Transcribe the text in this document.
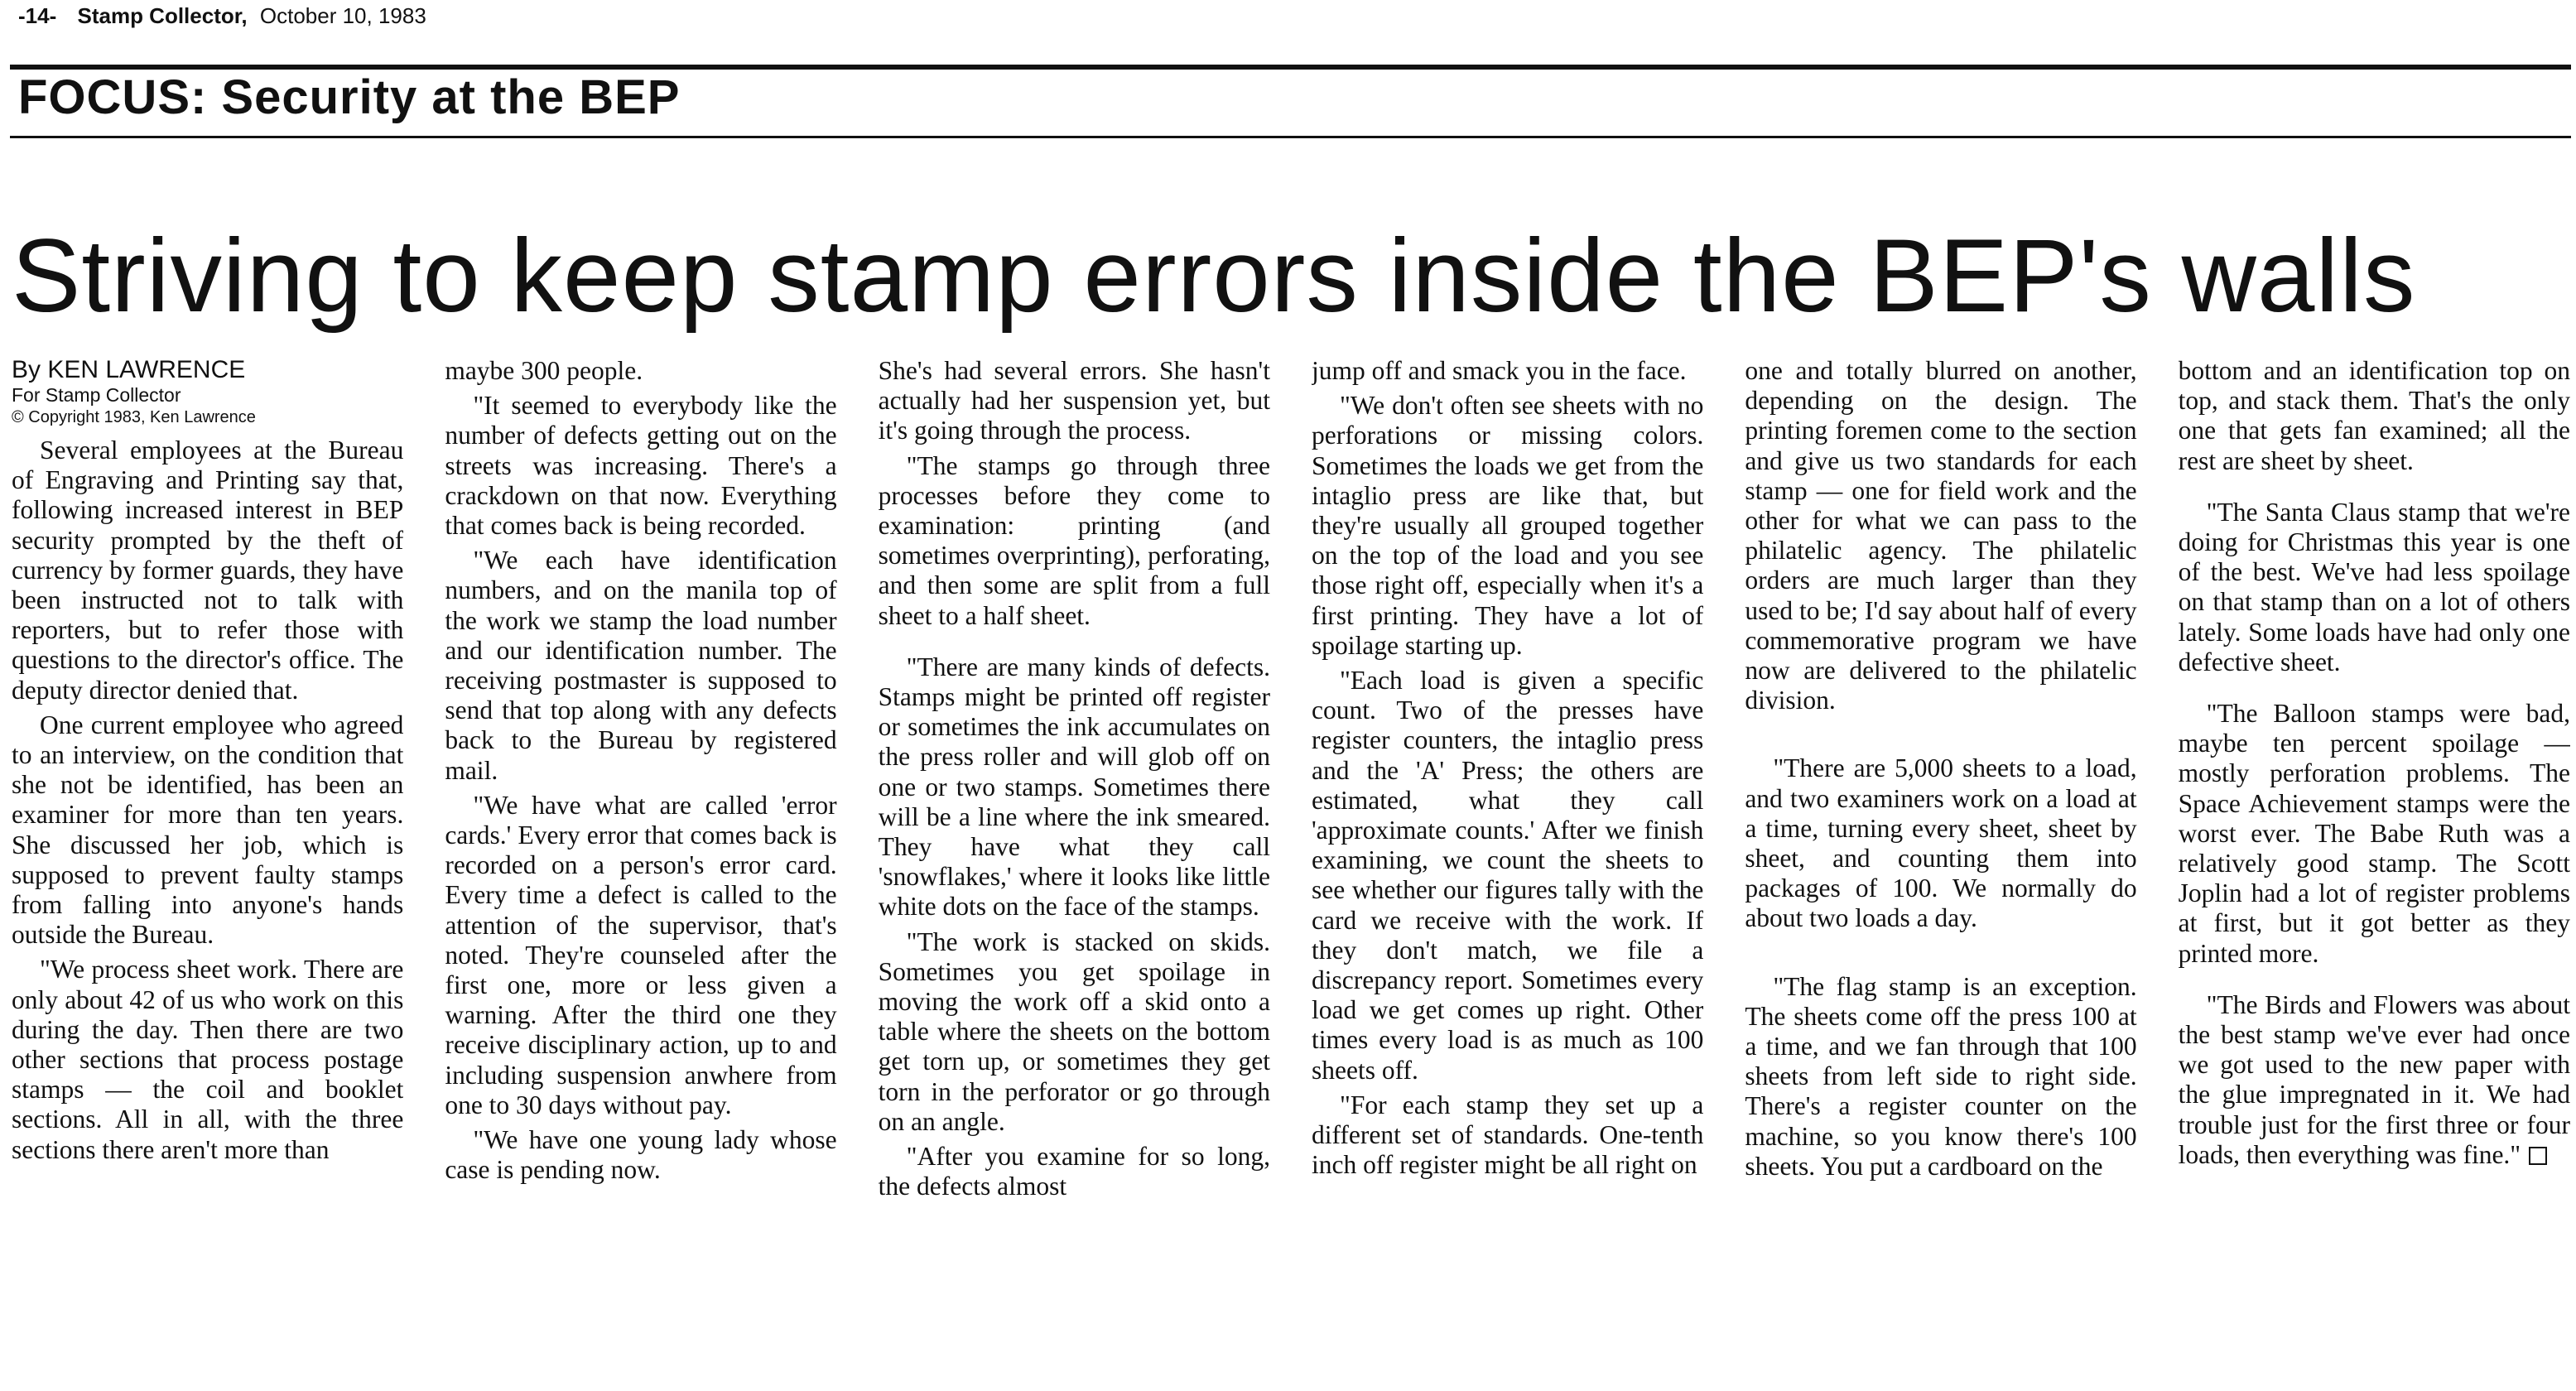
-14- Stamp Collector, October 10, 1983
FOCUS: Security at the BEP
Striving to keep stamp errors inside the BEP's walls
By KEN LAWRENCE
For Stamp Collector
© Copyright 1983, Ken Lawrence

Several employees at the Bureau of Engraving and Printing say that, following increased interest in BEP security prompted by the theft of currency by former guards, they have been instructed not to talk with reporters, but to refer those with questions to the director's office. The deputy director denied that.

One current employee who agreed to an interview, on the condition that she not be identified, has been an examiner for more than ten years. She discussed her job, which is supposed to prevent faulty stamps from falling into anyone's hands outside the Bureau.

"We process sheet work. There are only about 42 of us who work on this during the day. Then there are two other sections that process postage stamps — the coil and booklet sections. All in all, with the three sections there aren't more than

maybe 300 people.

"It seemed to everybody like the number of defects getting out on the streets was increasing. There's a crackdown on that now. Everything that comes back is being recorded.

"We each have identification numbers, and on the manila top of the work we stamp the load number and our identification number. The receiving postmaster is supposed to send that top along with any defects back to the Bureau by registered mail.

"We have what are called 'error cards.' Every error that comes back is recorded on a person's error card. Every time a defect is called to the attention of the supervisor, that's noted. They're counseled after the first one, more or less given a warning. After the third one they receive disciplinary action, up to and including suspension anwhere from one to 30 days without pay.

"We have one young lady whose case is pending now.

She's had several errors. She hasn't actually had her suspension yet, but it's going through the process.

"The stamps go through three processes before they come to examination: printing (and sometimes overprinting), perforating, and then some are split from a full sheet to a half sheet.

"There are many kinds of defects. Stamps might be printed off register or sometimes the ink accumulates on the press roller and will glob off on one or two stamps. Sometimes there will be a line where the ink smeared. They have what they call 'snowflakes,' where it looks like little white dots on the face of the stamps.

"The work is stacked on skids. Sometimes you get spoilage in moving the work off a skid onto a table where the sheets on the bottom get torn up, or sometimes they get torn in the perforator or go through on an angle.

"After you examine for so long, the defects almost

jump off and smack you in the face.

"We don't often see sheets with no perforations or missing colors. Sometimes the loads we get from the intaglio press are like that, but they're usually all grouped together on the top of the load and you see those right off, especially when it's a first printing. They have a lot of spoilage starting up.

"Each load is given a specific count. Two of the presses have register counters, the intaglio press and the 'A' Press; the others are estimated, what they call 'approximate counts.' After we finish examining, we count the sheets to see whether our figures tally with the card we receive with the work. If they don't match, we file a discrepancy report. Sometimes every load we get comes up right. Other times every load is as much as 100 sheets off.

"For each stamp they set up a different set of standards. One-tenth inch off register might be all right on

one and totally blurred on another, depending on the design. The printing foremen come to the section and give us two standards for each stamp — one for field work and the other for what we can pass to the philatelic agency. The philatelic orders are much larger than they used to be; I'd say about half of every commemorative program we have now are delivered to the philatelic division.

"There are 5,000 sheets to a load, and two examiners work on a load at a time, turning every sheet, sheet by sheet, and counting them into packages of 100. We normally do about two loads a day.

"The flag stamp is an exception. The sheets come off the press 100 at a time, and we fan through that 100 sheets from left side to right side. There's a register counter on the machine, so you know there's 100 sheets. You put a cardboard on the

bottom and an identification top on top, and stack them. That's the only one that gets fan examined; all the rest are sheet by sheet.

"The Santa Claus stamp that we're doing for Christmas this year is one of the best. We've had less spoilage on that stamp than on a lot of others lately. Some loads have had only one defective sheet.

"The Balloon stamps were bad, maybe ten percent spoilage — mostly perforation problems. The Space Achievement stamps were the worst ever. The Babe Ruth was a relatively good stamp. The Scott Joplin had a lot of register problems at first, but it got better as they printed more.

"The Birds and Flowers was about the best stamp we've ever had once we got used to the new paper with the glue impregnated in it. We had trouble just for the first three or four loads, then everything was fine."
